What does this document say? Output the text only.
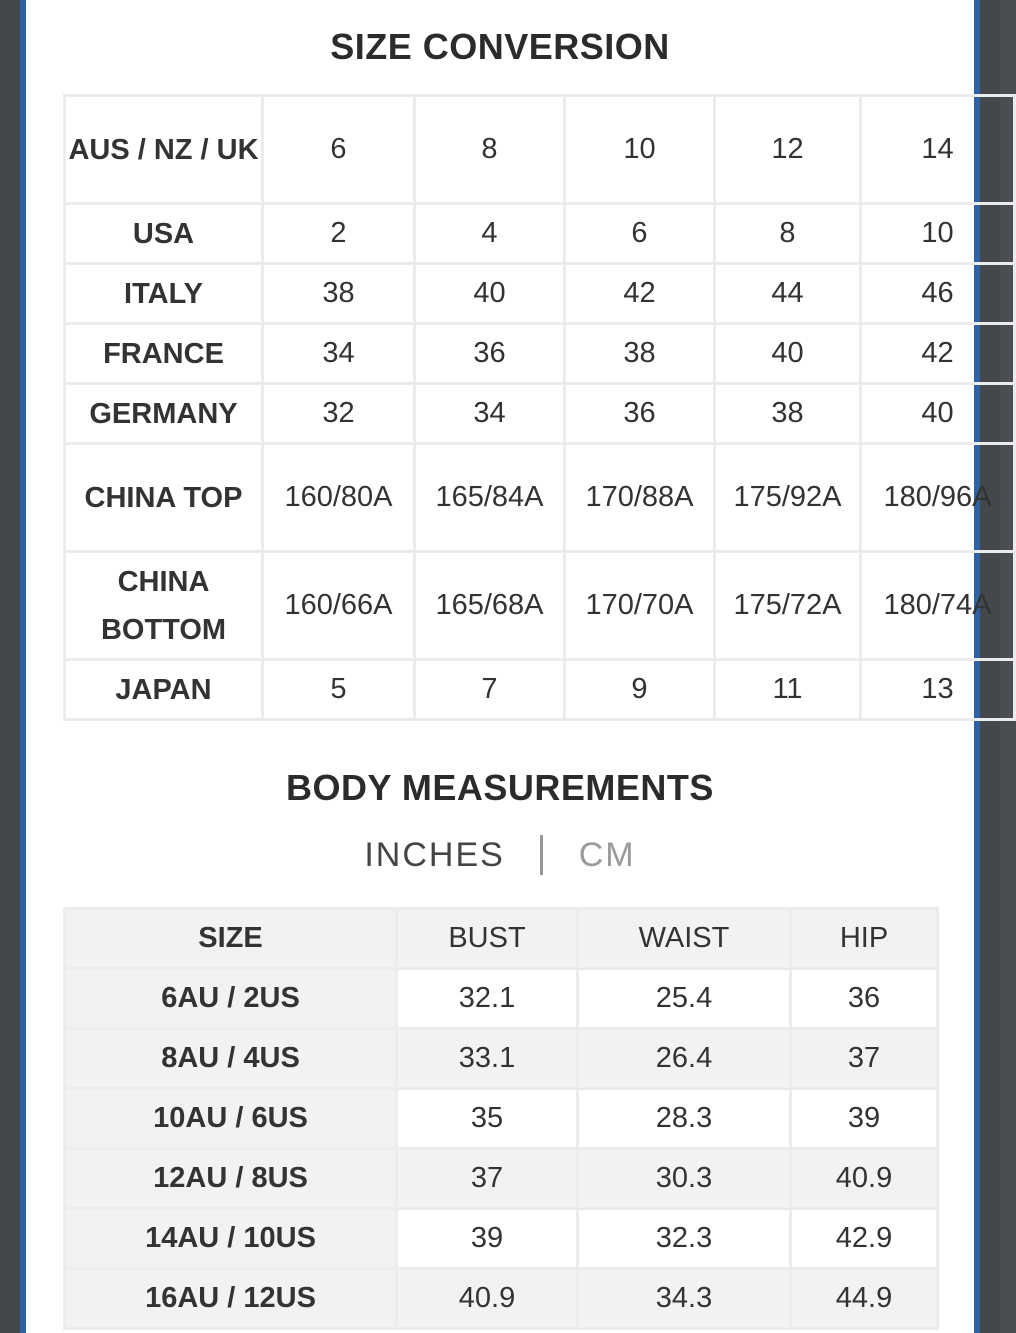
SIZE CONVERSION
AUS / NZ / UK	6	8	10	12	14
USA	2	4	6	8	10
ITALY	38	40	42	44	46
FRANCE	34	36	38	40	42
GERMANY	32	34	36	38	40
CHINA TOP	160/80A	165/84A	170/88A	175/92A	180/96A
CHINA BOTTOM	160/66A	165/68A	170/70A	175/72A	180/74A
JAPAN	5	7	9	11	13
BODY MEASUREMENTS
INCHES CM
SIZE	BUST	WAIST	HIP
6AU / 2US	32.1	25.4	36
8AU / 4US	33.1	26.4	37
10AU / 6US	35	28.3	39
12AU / 8US	37	30.3	40.9
14AU / 10US	39	32.3	42.9
16AU / 12US	40.9	34.3	44.9
